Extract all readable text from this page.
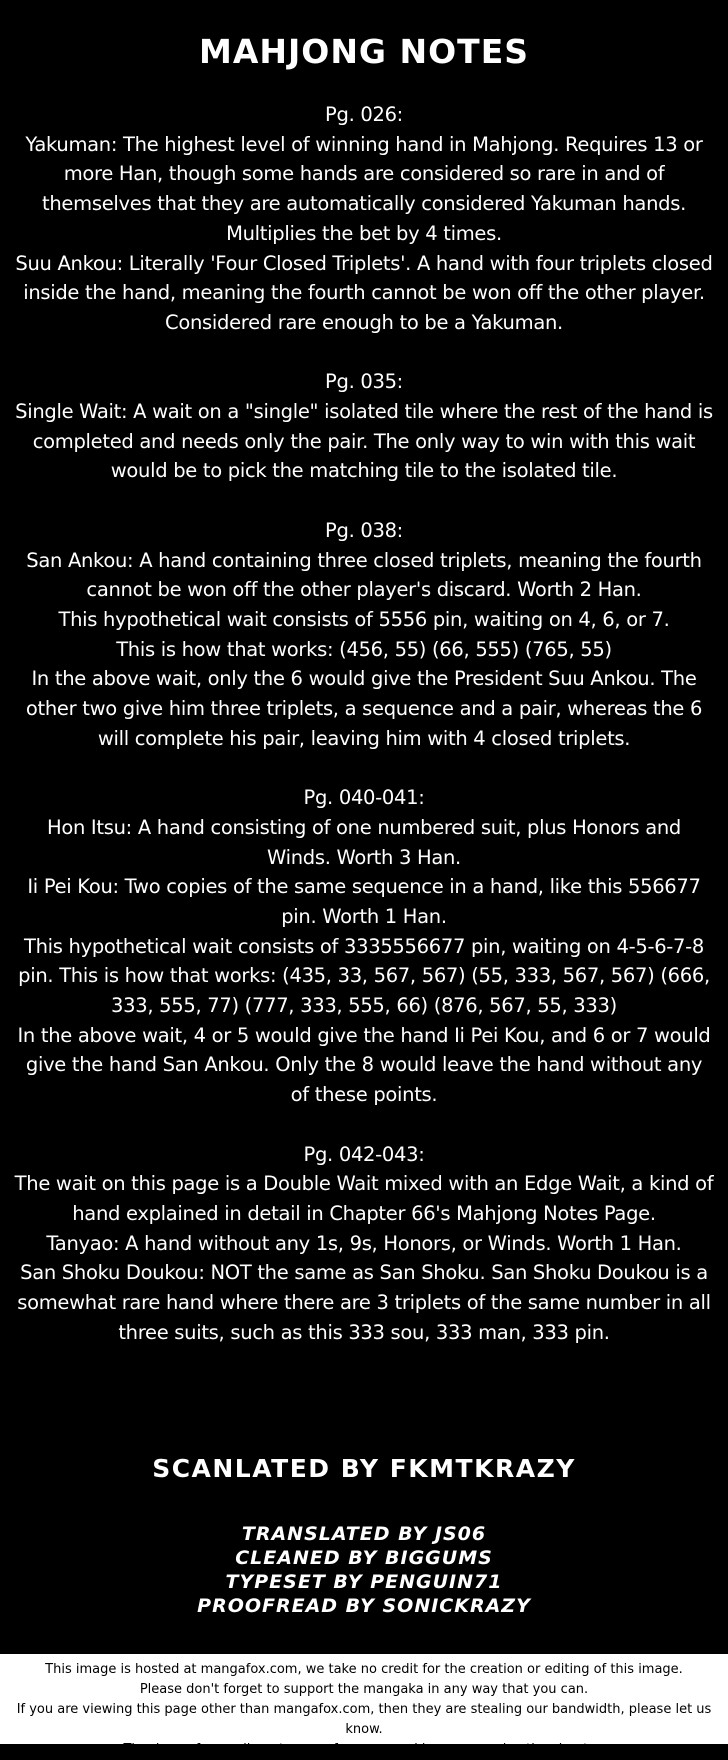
MAHJONG NOTES

Pg. 026:

Yakuman: The highest level of winning hand in Mahjong. Requires 13 or more Han, though some hands are considered so rare in and of themselves that they are automatically considered Yakuman hands. Multiplies the bet by 4 times.

Suu Ankou: Literally 'Four Closed Triplets'. A hand with four triplets closed inside the hand, meaning the fourth cannot be won off the other player. Considered rare enough to be a Yakuman.

Pg. 035:

Single Wait: A wait on a "single" isolated tile where the rest of the hand is completed and needs only the pair. The only way to win with this wait would be to pick the matching tile to the isolated tile.

Pg. 038:

San Ankou: A hand containing three closed triplets, meaning the fourth cannot be won off the other player's discard. Worth 2 Han.

This hypothetical wait consists of 5556 pin, waiting on 4, 6, or 7.

This is how that works: (456, 55) (66, 555) (765, 55)

In the above wait, only the 6 would give the President Suu Ankou. The other two give him three triplets, a sequence and a pair, whereas the 6 will complete his pair, leaving him with 4 closed triplets.

Pg. 040-041:

Hon Itsu: A hand consisting of one numbered suit, plus Honors and Winds. Worth 3 Han.

Ii Pei Kou: Two copies of the same sequence in a hand, like this 556677 pin. Worth 1 Han.

This hypothetical wait consists of 3335556677 pin, waiting on 4-5-6-7-8 pin. This is how that works: (435, 33, 567, 567) (55, 333, 567, 567) (666, 333, 555, 77) (777, 333, 555, 66) (876, 567, 55, 333)

In the above wait, 4 or 5 would give the hand Ii Pei Kou, and 6 or 7 would give the hand San Ankou. Only the 8 would leave the hand without any of these points.

Pg. 042-043:

The wait on this page is a Double Wait mixed with an Edge Wait, a kind of hand explained in detail in Chapter 66's Mahjong Notes Page.

Tanyao: A hand without any 1s, 9s, Honors, or Winds. Worth 1 Han.

San Shoku Doukou: NOT the same as San Shoku. San Shoku Doukou is a somewhat rare hand where there are 3 triplets of the same number in all three suits, such as this 333 sou, 333 man, 333 pin.

SCANLATED BY FKMTKRAZY
TRANSLATED BY JS06
CLEANED BY BIGGUMS
TYPESET BY PENGUIN71
PROOFREAD BY SONICKRAZY

This image is hosted at mangafox.com, we take no credit for the creation or editing of this image.

Please don't forget to support the mangaka in any way that you can.

If you are viewing this page other than mangafox.com, then they are stealing our bandwidth, please let us know.

Thank you for reading at mangafox.com, and hope you enjoy the chapter.
